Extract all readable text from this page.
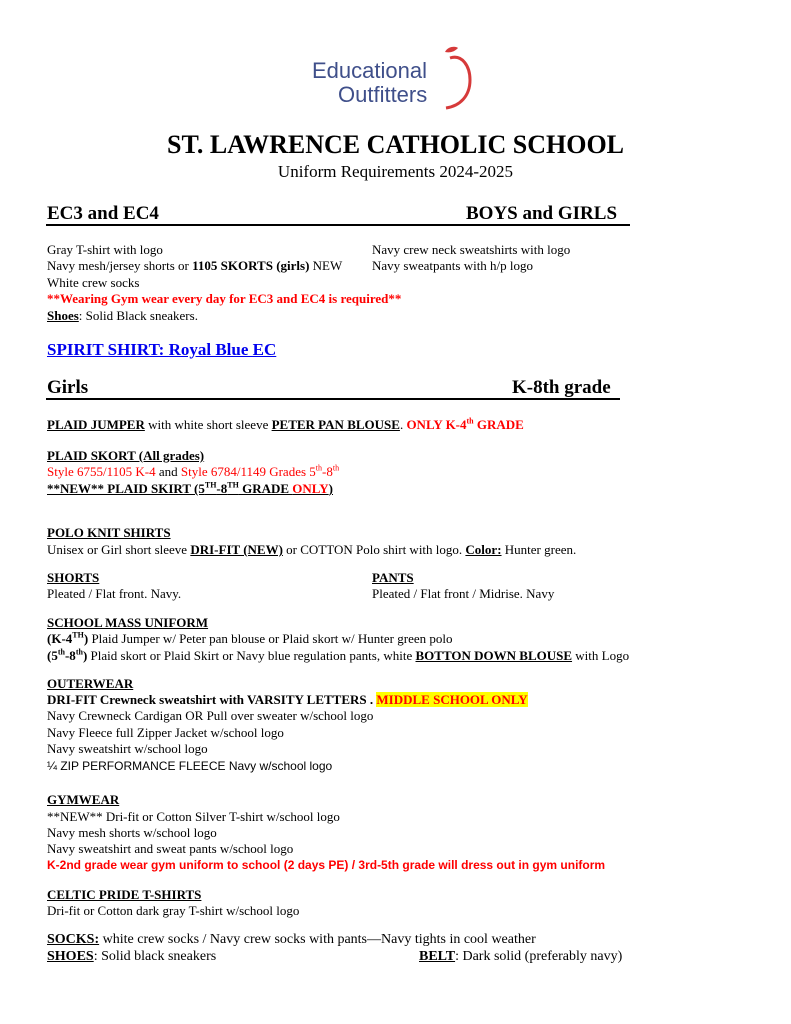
Educational
Outfitters
ST. LAWRENCE CATHOLIC SCHOOL
Uniform Requirements 2024-2025
EC3 and EC4	BOYS and GIRLS
Gray T-shirt with logo
Navy mesh/jersey shorts or 1105 SKORTS (girls) NEW
White crew socks
Navy crew neck sweatshirts with logo
Navy sweatpants with h/p logo
**Wearing Gym wear every day for EC3 and EC4 is required**
Shoes: Solid Black sneakers.
SPIRIT SHIRT: Royal Blue EC
Girls	K-8th grade
PLAID JUMPER with white short sleeve PETER PAN BLOUSE. ONLY K-4th GRADE
PLAID SKORT (All grades)
Style 6755/1105 K-4 and Style 6784/1149 Grades 5th-8th
**NEW** PLAID SKIRT (5TH-8TH GRADE ONLY)
POLO KNIT SHIRTS
Unisex or Girl short sleeve DRI-FIT (NEW) or COTTON Polo shirt with logo. Color: Hunter green.
SHORTS
Pleated / Flat front. Navy.
PANTS
Pleated / Flat front / Midrise. Navy
SCHOOL MASS UNIFORM
(K-4TH) Plaid Jumper w/ Peter pan blouse or Plaid skort w/ Hunter green polo
(5th-8th) Plaid skort or Plaid Skirt or Navy blue regulation pants, white BOTTON DOWN BLOUSE with Logo
OUTERWEAR
DRI-FIT Crewneck sweatshirt with VARSITY LETTERS . MIDDLE SCHOOL ONLY
Navy Crewneck Cardigan OR Pull over sweater w/school logo
Navy Fleece full Zipper Jacket w/school logo
Navy sweatshirt w/school logo
¼ ZIP PERFORMANCE FLEECE Navy w/school logo
GYMWEAR
**NEW** Dri-fit or Cotton Silver T-shirt w/school logo
Navy mesh shorts w/school logo
Navy sweatshirt and sweat pants w/school logo
K-2nd grade wear gym uniform to school (2 days PE) / 3rd-5th grade will dress out in gym uniform
CELTIC PRIDE T-SHIRTS
Dri-fit or Cotton dark gray T-shirt w/school logo
SOCKS: white crew socks / Navy crew socks with pants—Navy tights in cool weather
SHOES: Solid black sneakers	BELT: Dark solid (preferably navy)
